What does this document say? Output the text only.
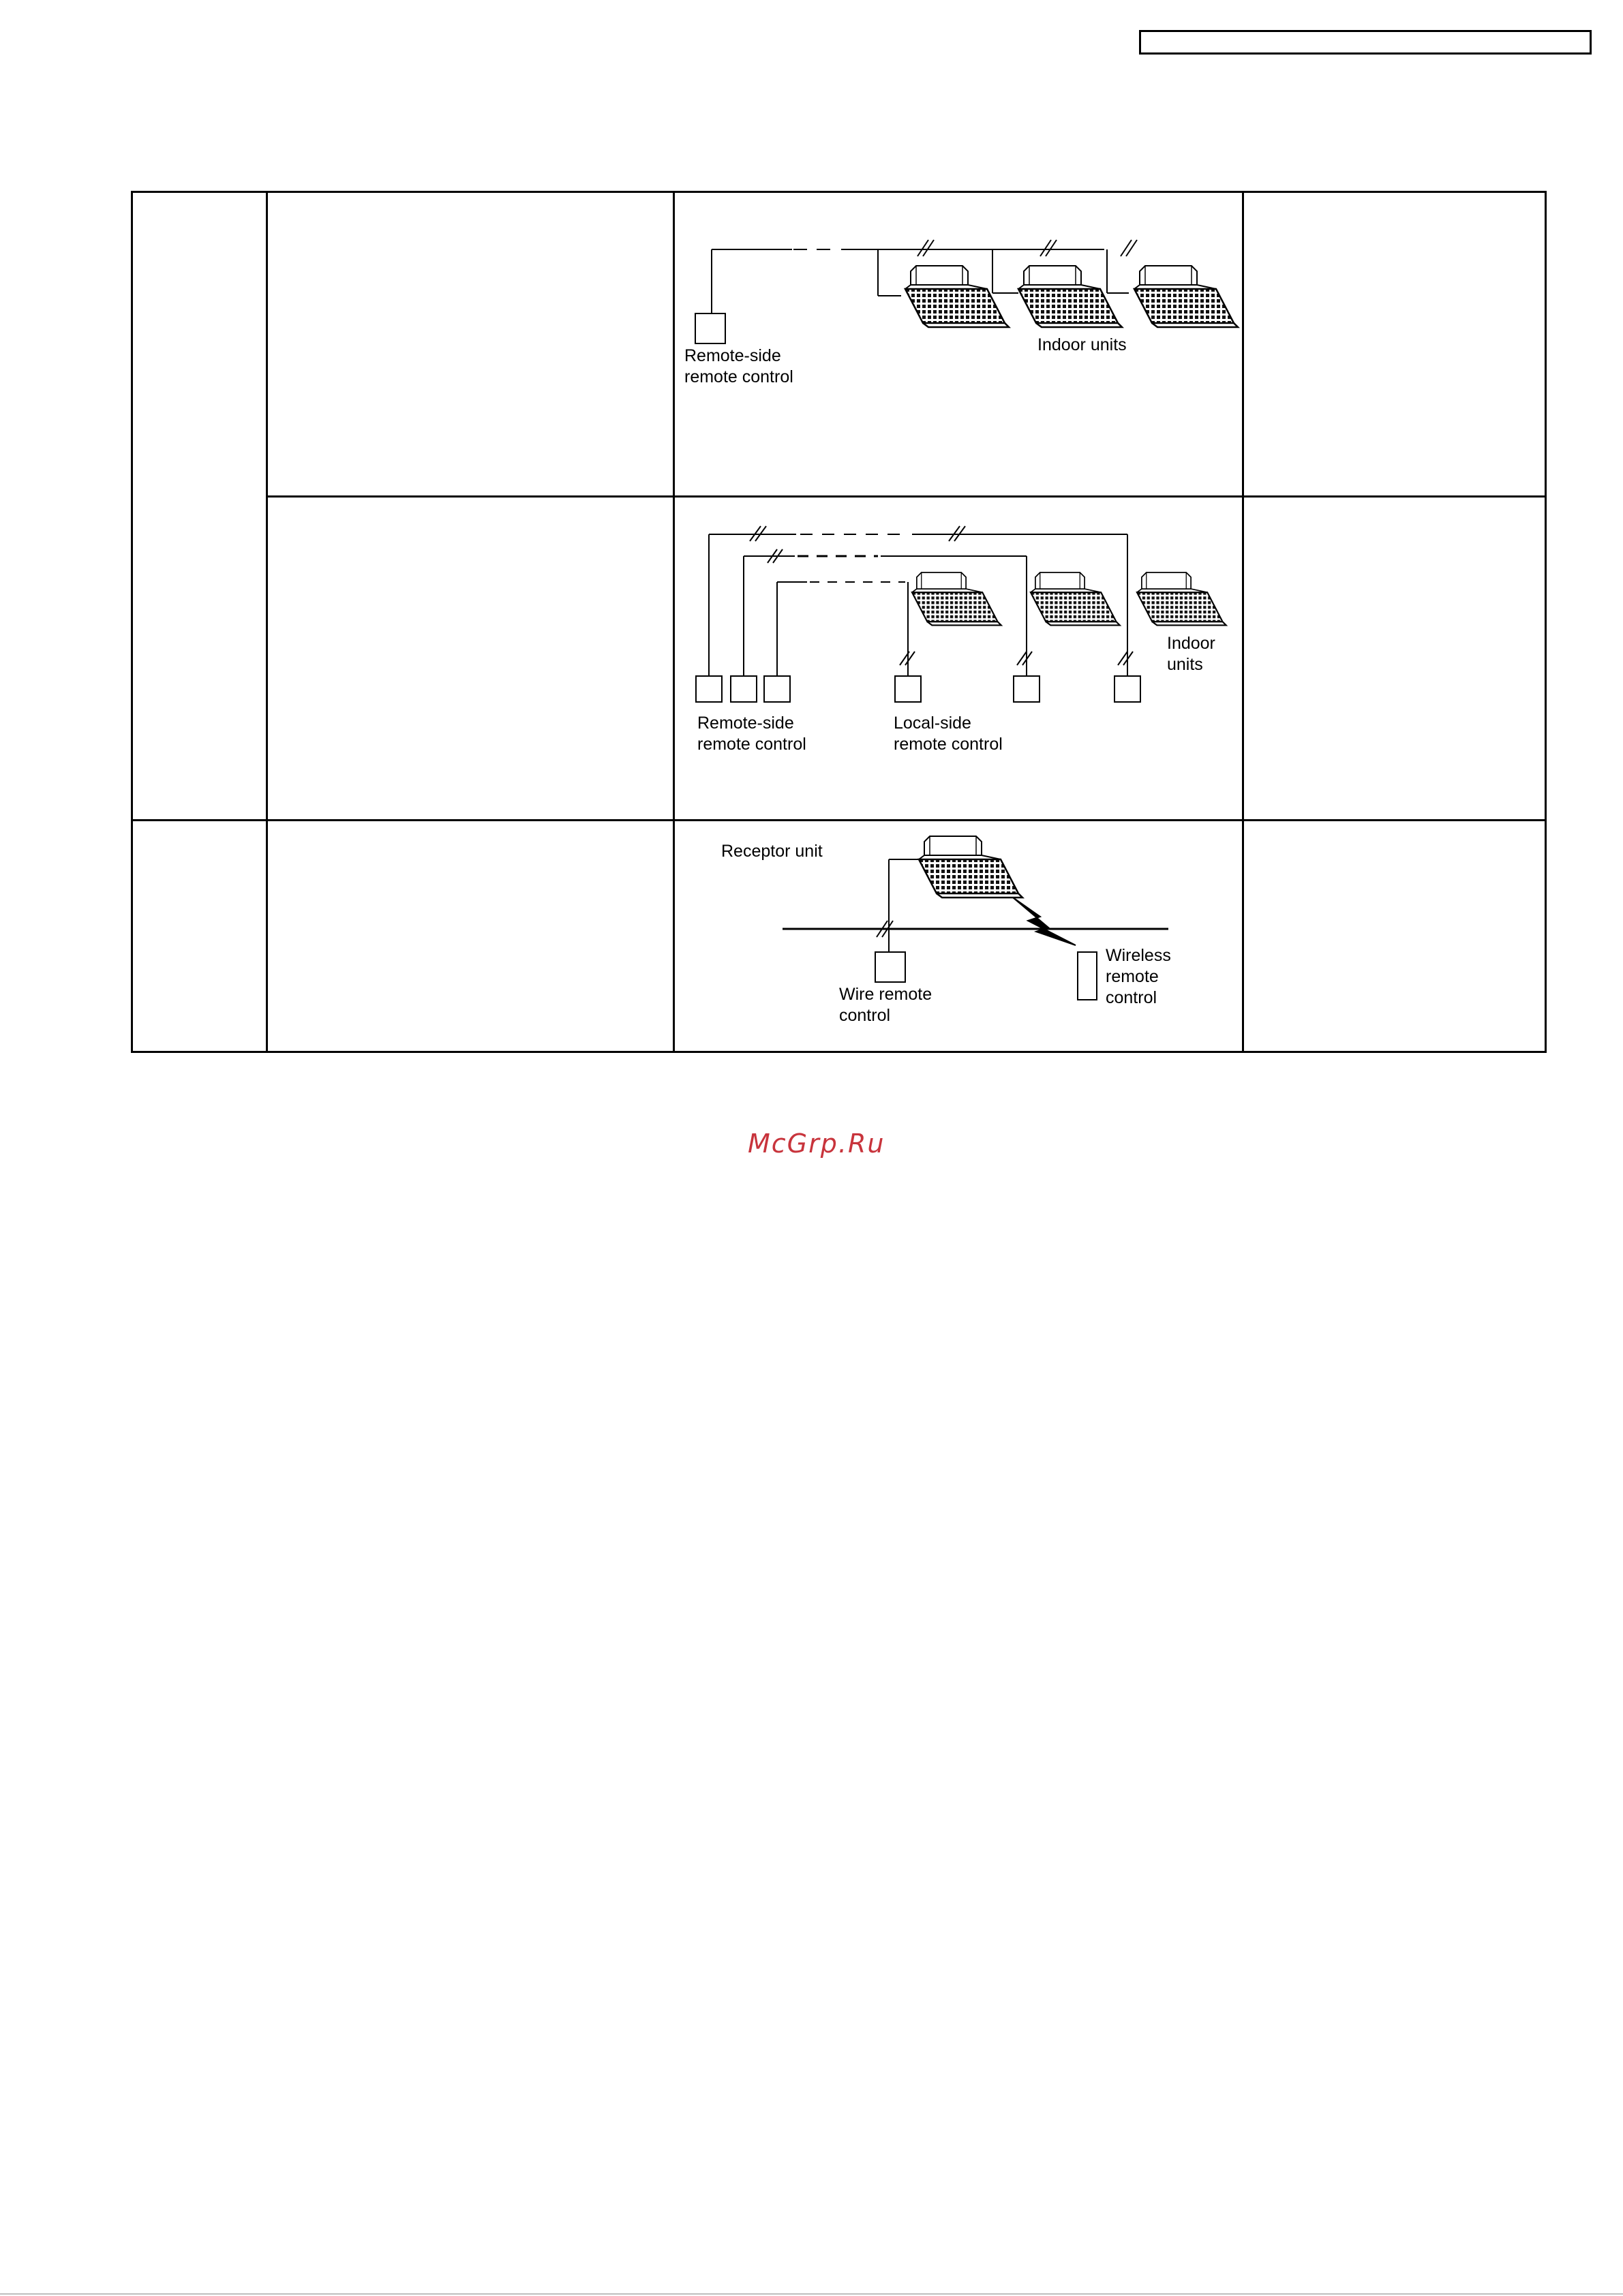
Remote-side
remote control
Indoor units
Remote-side
remote control
Local-side
remote control
Indoor
units
Receptor unit
Wire remote
control
Wireless
remote
control
McGrp.Ru
